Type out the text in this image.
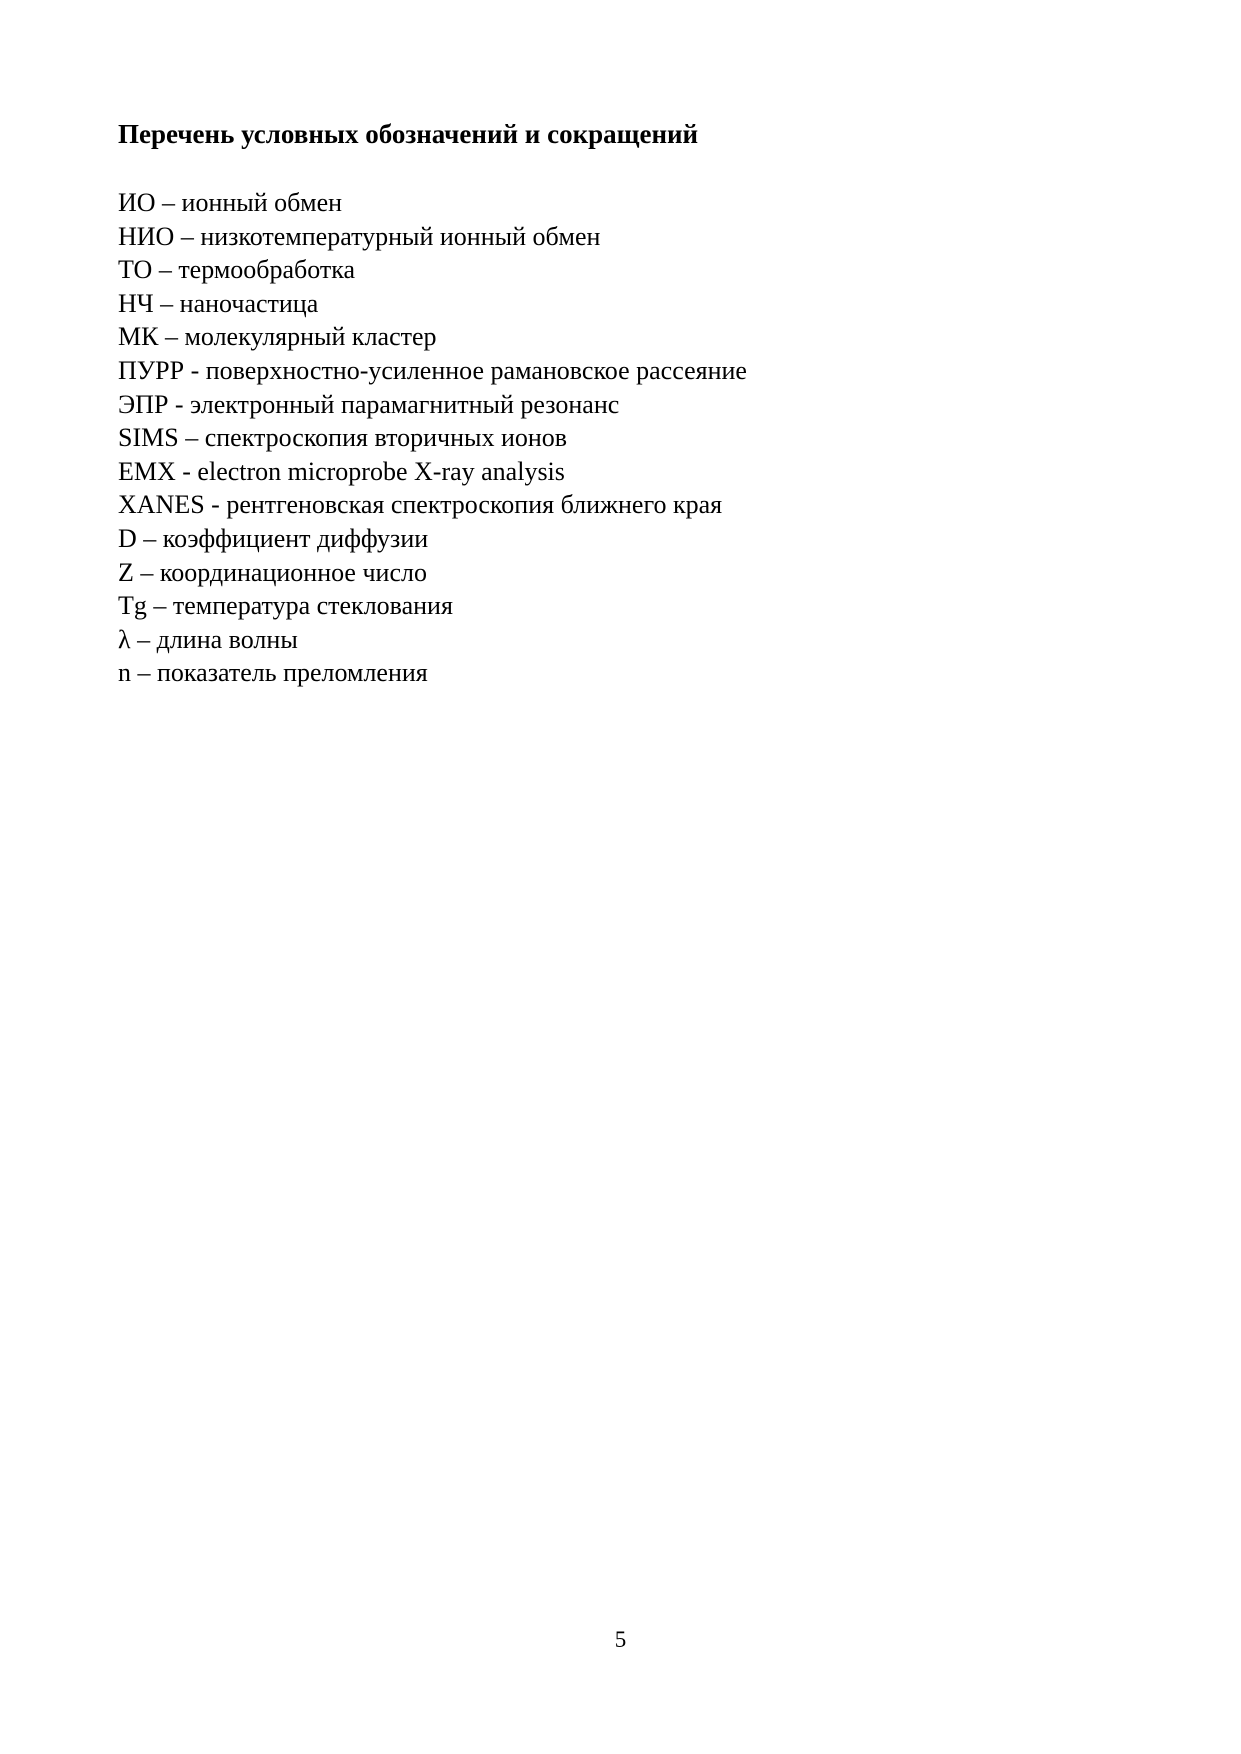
Перечень условных обозначений и сокращений
ИО – ионный обмен
НИО – низкотемпературный ионный обмен
ТО – термообработка
НЧ – наночастица
МК – молекулярный кластер
ПУРР - поверхностно-усиленное рамановское рассеяние
ЭПР - электронный парамагнитный резонанс
SIMS – спектроскопия вторичных ионов
EMX - electron microprobe X-ray analysis
XANES - рентгеновская спектроскопия ближнего края
D – коэффициент диффузии
Z – координационное число
Tg – температура стеклования
λ – длина волны
n – показатель преломления
5
